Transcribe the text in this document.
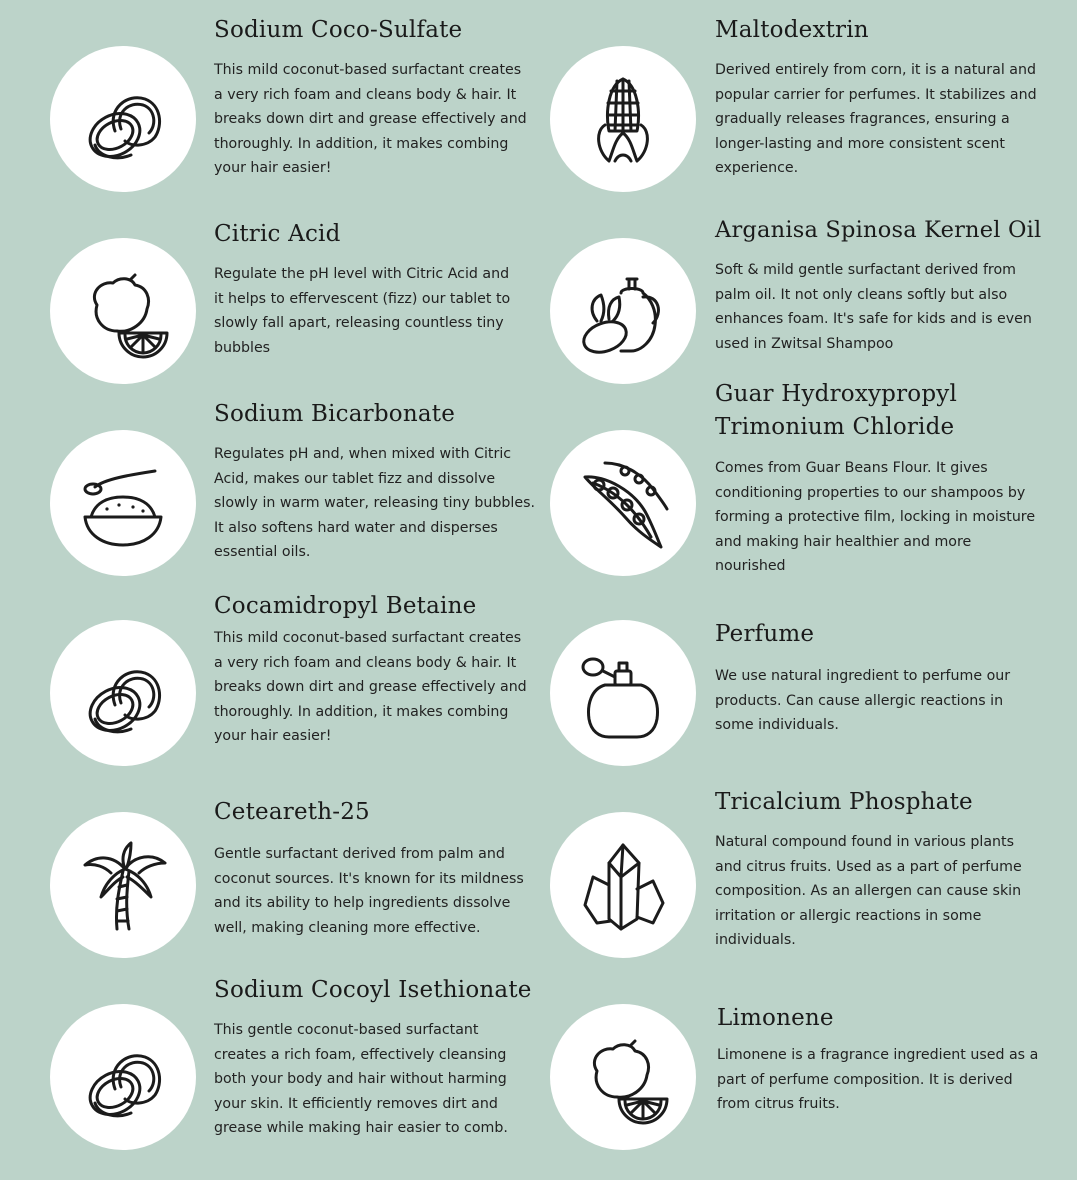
Sodium Coco-Sulfate
This mild coconut-based surfactant creates a very rich foam and cleans body & hair. It breaks down dirt and grease effectively and thoroughly. In addition, it makes combing your hair easier!
Maltodextrin
Derived entirely from corn, it is a natural and popular carrier for perfumes. It stabilizes and gradually releases fragrances, ensuring a longer-lasting and more consistent scent experience.
Citric Acid
Regulate the pH level with Citric Acid and it helps to effervescent (fizz) our tablet to slowly fall apart, releasing countless tiny bubbles
Arganisa Spinosa Kernel Oil
Soft & mild gentle surfactant derived from palm oil. It not only cleans softly but also enhances foam. It's safe for kids and is even used in Zwitsal Shampoo
Sodium Bicarbonate
Regulates pH and, when mixed with Citric Acid, makes our tablet fizz and dissolve slowly in warm water, releasing tiny bubbles. It also softens hard water and disperses essential oils.
Guar Hydroxypropyl Trimonium Chloride
Comes from Guar Beans Flour. It gives conditioning properties to our shampoos by forming a protective film, locking in moisture and making hair healthier and more nourished
Cocamidropyl Betaine
This mild coconut-based surfactant creates a very rich foam and cleans body & hair. It breaks down dirt and grease effectively and thoroughly. In addition, it makes combing your hair easier!
Perfume
We use natural ingredient to perfume our products. Can cause allergic reactions in some individuals.
Ceteareth-25
Gentle surfactant derived from palm and coconut sources. It's known for its mildness and its ability to help ingredients dissolve well, making cleaning more effective.
Tricalcium Phosphate
Natural compound found in various plants and citrus fruits. Used as a part of perfume composition. As an allergen can cause skin irritation or allergic reactions in some individuals.
Sodium Cocoyl Isethionate
This gentle coconut-based surfactant creates a rich foam, effectively cleansing both your body and hair without harming your skin. It efficiently removes dirt and grease while making hair easier to comb.
Limonene
Limonene is a fragrance ingredient used as a part of perfume composition. It is derived from citrus fruits.
